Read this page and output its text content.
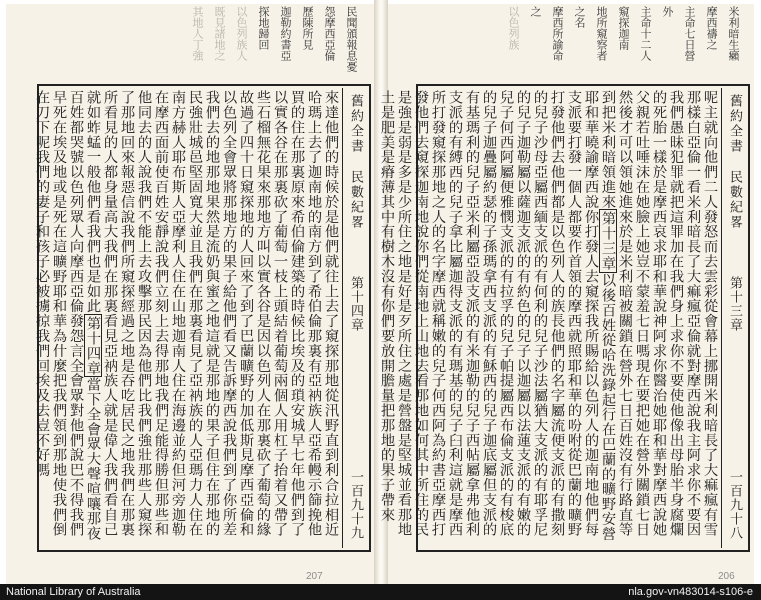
民聞頒報息憂
怨摩西亞倫
歷陳所見
迦勒約書亞
探地歸回
以色列族人
既見諸地之
其地人丁強
舊約全書
民數紀畧
第十四章
一百九十九
來達他們的時候於是他們就往上去了窺探那地從汛野直到利合拉相近哈瑪上去了迦南地的南方到了希伯倫那裏有亞衲族人亞希幔示篩挽他買的住在那裏原來希伯倫建築的時候比埃及的瑣安城早七年他們到了以實各谷在那裏砍了葡萄一枝上頭結着葡萄兩個人用杠子抬着又帶了些石榴無花果來那地方叫以實各谷是因以色列人在那裏砍了葡萄的緣故過了四十日窺探地的人回來了到了巴蘭曠野的加低斯見摩西亞倫和以色列全會眾將那地方的果子給他們看又告訴摩西說我們到了你所差我們去的地那地果然是流奶與蜜之地這就是那地的果子但住在那地的民強壯城邑堅固寬大並且我們在那裏看見了亞衲族的人亞瑪力人住在南方赫人耶布斯人亞摩利人住在山地迦南人住在海邊並約但河旁迦勒在摩西面前使百姓安靜說我們立刻上去得那地我們足能得勝但那些和他同去的人說我們不能上去攻擊那民因為他們比我們強壯那些人窺探了那地回來報惡信說我們所窺探經過之地是吞吃居民之地我們在那裏所看見的人都身量高大我們在那裏看見亞衲族人就是偉人我們看自己就如蚱蜢一般他們看我們也是如此第十四章當下全會眾大聲喧嚷那夜百姓都哭號以色列眾人向摩西亞倫發怨言全會眾對他們說巴不得我們早死在埃及地或是死在這曠野耶和華為什麼把我們領到那地使我們倒在刀下呢我們的妻子和孩子必被擄掠我們回埃及去豈不好嗎
207
米利暗生癩
摩西禱之
主命七日營
外
主命十二人
窺探迦南
地所窺察者
之名
摩西所諭命
之
以色列族
舊約全書
民數紀畧
第十三章
一百九十八
呢主就向他們二人發怒而去雲彩從會幕上挪開米利暗長了大痲瘋有雪那樣白亞倫一看米利暗長了大痲瘋亞倫就對摩西說我主阿求你不要因我們愚昧犯罪就把這罪加在我們身上求你不要使他像出母胎半身腐爛的死胎一樣於是摩西哀求耶和華說神阿求你醫治她耶和華對摩西說她父親若吐唾沫在她臉上她豈不蒙羞七日嗎現在要把她在營外關鎖七日然後才可以領她進來於是米利暗被關鎖在營外七日百姓沒有行路直等到把米利暗領進來第十三章以後百姓從哈洗錄起行在巴蘭的曠野安營耶和華曉諭摩西說你打發人去窺探我所賜給以色列人的迦南地他們每支派要打發一個人都要作首領的摩西就照耶和華的吩咐從巴蘭的曠野打發他們去他們都是以色列人的族長他們的名字屬流便支派的有撒刻的兒子沙母亞屬西緬支派的有何利的兒子沙法屬猶大支派的有耶孚尼的兒子迦勒屬以薩迦支派的有約色的兒子以迦屬以法蓮支派的有嫩的兒子何西阿屬便雅憫支派的有拉孚的兒子帕提屬西布倫支派的有梭底的兒子迦疊屬約瑟的子孫瑪拿西支派的有穌西的兒子迦底屬但支派的有基瑪利的兒子亞米利屬亞設支派的有米迦勒的兒子西帖屬拿弗他利支派的有縛西的兒子拿比屬迦得支派的有瑪基的兒子臼利這就是摩西所打發窺探那地之人的名字摩西就稱嫩的兒子何西阿為約書亞摩西打發他們去窺探迦南地說你們從南地上山地去看那地如何其中所住的民是強是弱是多是少所住之地是好是歹所住之處是營盤是堅城並看那地土是肥美是瘠薄其中有樹木沒有你們要放開膽量把那地的果子帶來
206
National Library of Australia	nla.gov-vn483014-s106-e
